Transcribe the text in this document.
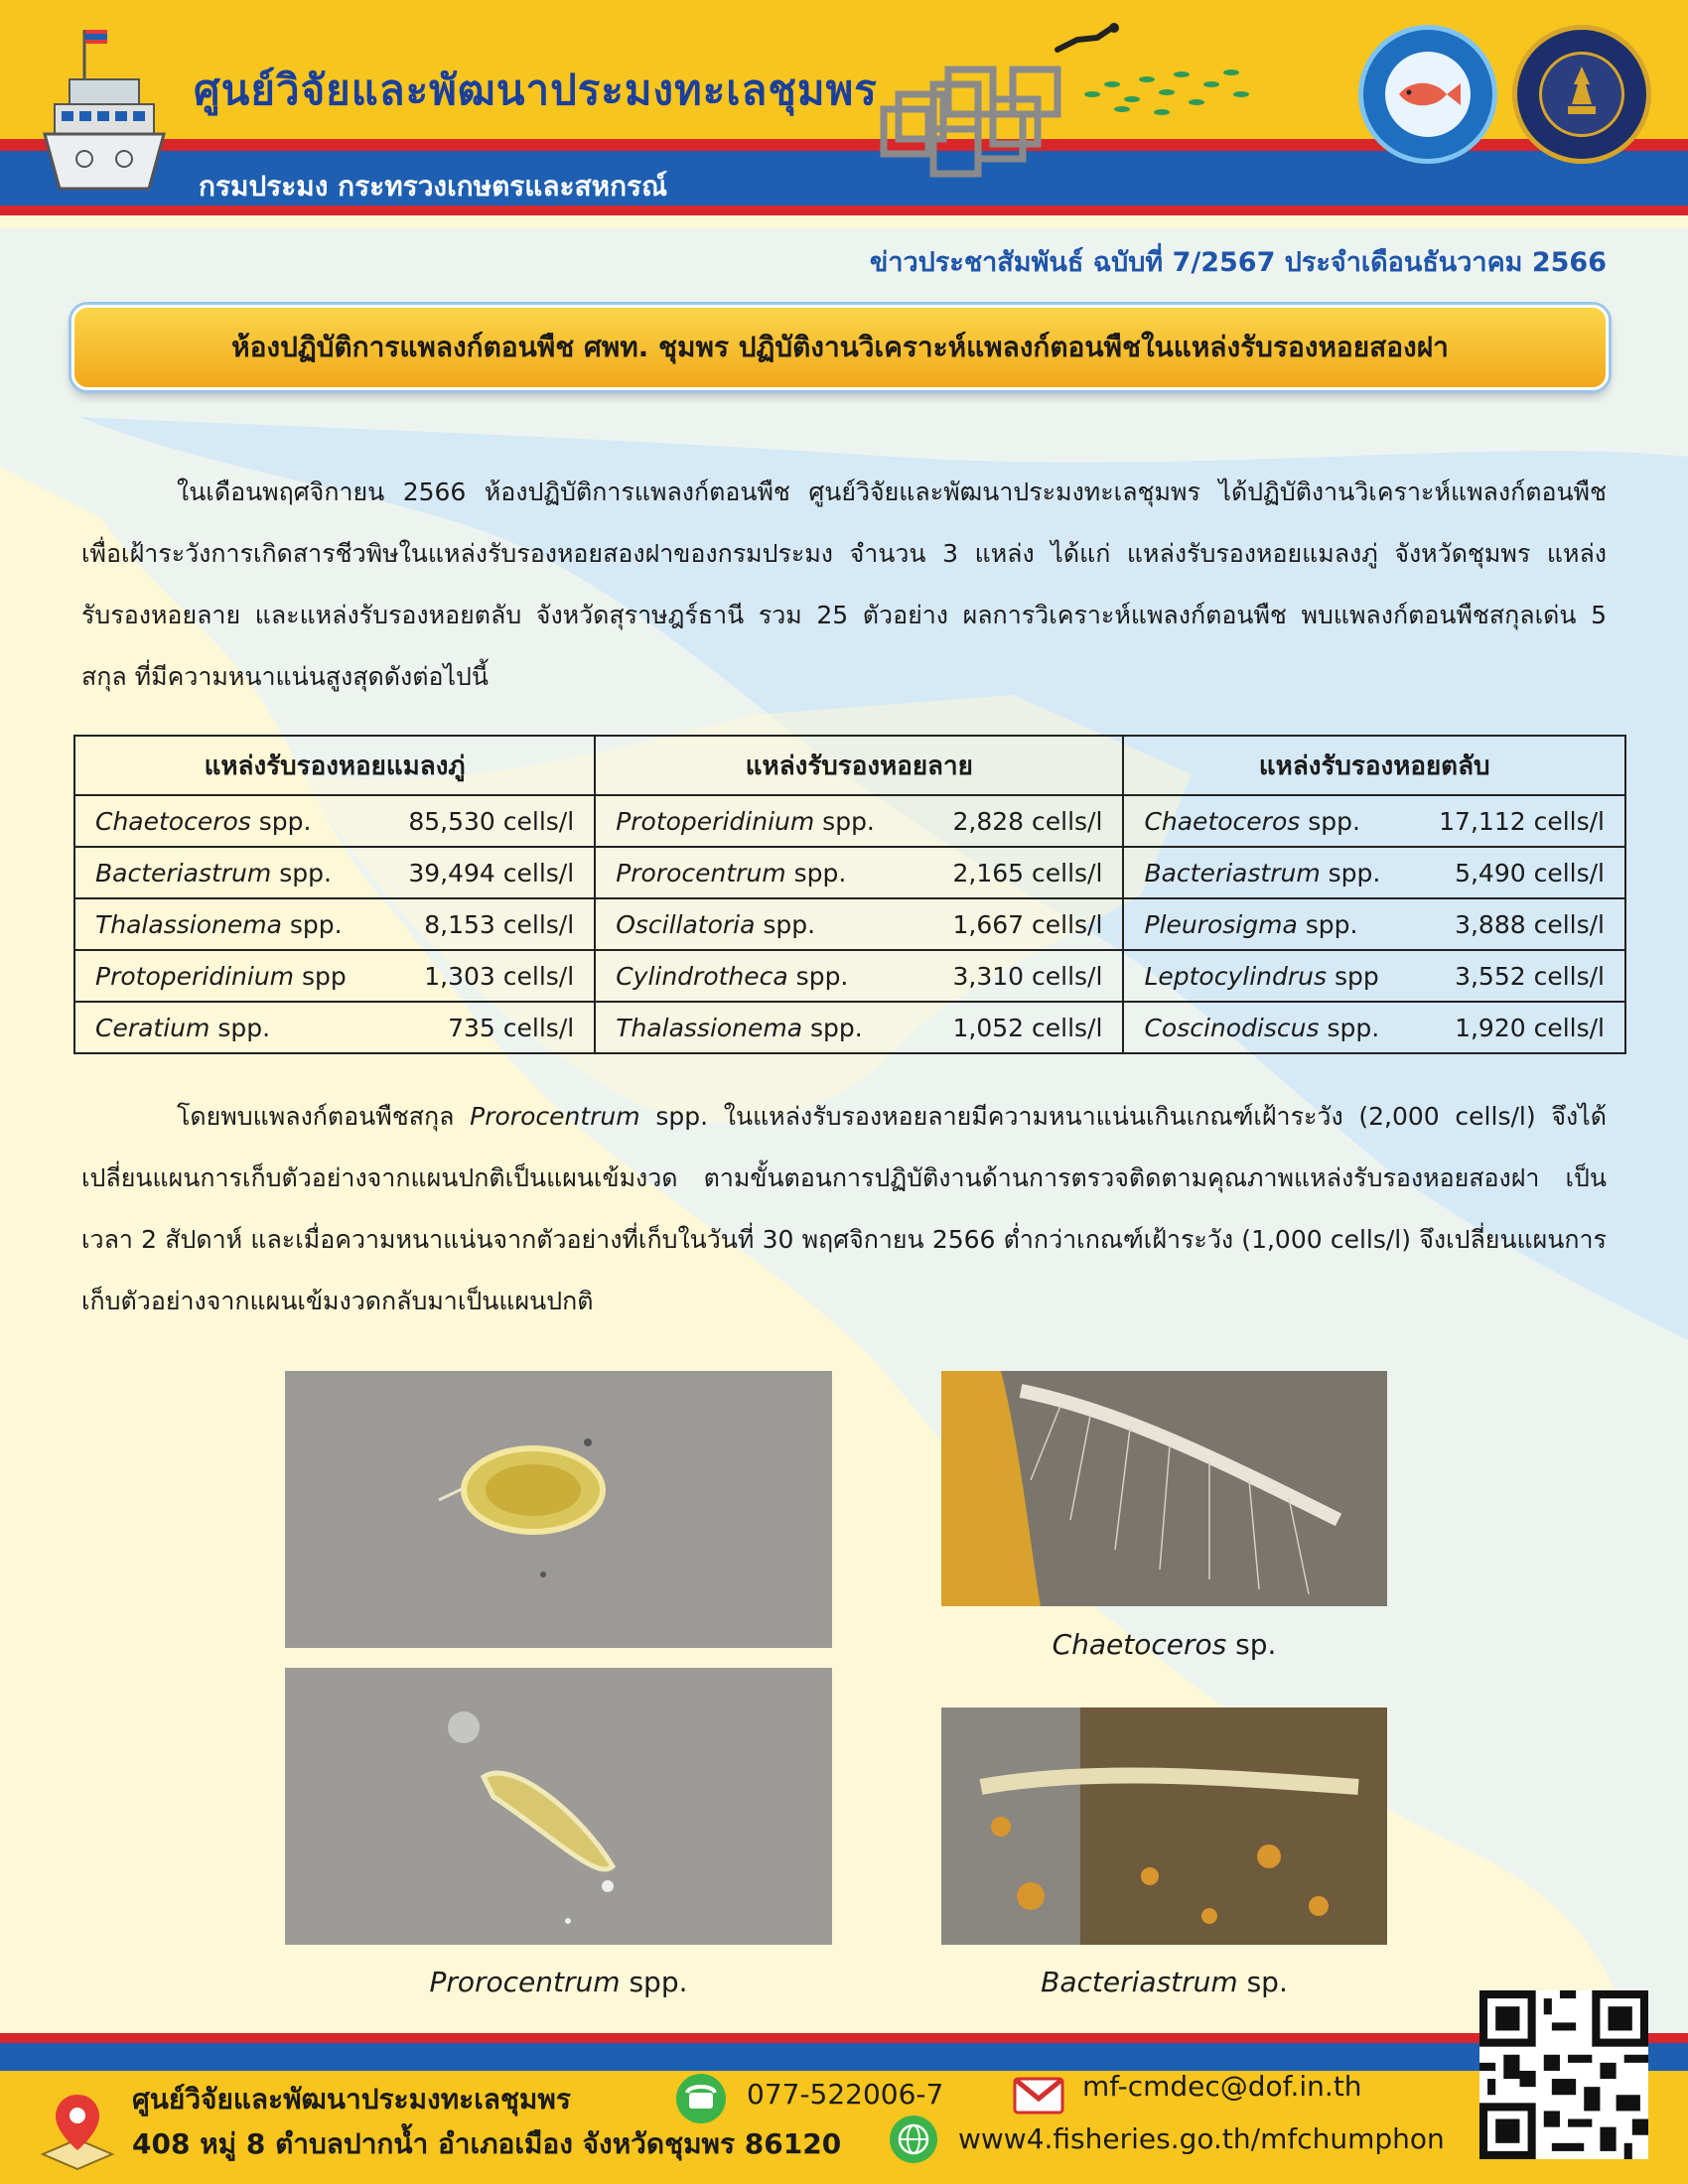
ศูนย์วิจัยและพัฒนาประมงทะเลชุมพร
กรมประมง กระทรวงเกษตรและสหกรณ์
ข่าวประชาสัมพันธ์ ฉบับที่ 7/2567 ประจำเดือนธันวาคม 2566
ห้องปฏิบัติการแพลงก์ตอนพืช ศพท. ชุมพร ปฏิบัติงานวิเคราะห์แพลงก์ตอนพืชในแหล่งรับรองหอยสองฝา
ในเดือนพฤศจิกายน 2566 ห้องปฏิบัติการแพลงก์ตอนพืช ศูนย์วิจัยและพัฒนาประมงทะเลชุมพร ได้ปฏิบัติงานวิเคราะห์แพลงก์ตอนพืช เพื่อเฝ้าระวังการเกิดสารชีวพิษในแหล่งรับรองหอยสองฝาของกรมประมง จำนวน 3 แหล่ง ได้แก่ แหล่งรับรองหอยแมลงภู่ จังหวัดชุมพร แหล่งรับรองหอยลาย และแหล่งรับรองหอยตลับ จังหวัดสุราษฎร์ธานี รวม 25 ตัวอย่าง ผลการวิเคราะห์แพลงก์ตอนพืช พบแพลงก์ตอนพืชสกุลเด่น 5 สกุล ที่มีความหนาแน่นสูงสุดดังต่อไปนี้
แหล่งรับรองหอยแมลงภู่	แหล่งรับรองหอยลาย	แหล่งรับรองหอยตลับ

Chaetoceros spp. 85,530 cells/l	Protoperidinium spp. 2,828 cells/l	Chaetoceros spp. 17,112 cells/l

Bacteriastrum spp. 39,494 cells/l	Prorocentrum spp. 2,165 cells/l	Bacteriastrum spp. 5,490 cells/l

Thalassionema spp. 8,153 cells/l	Oscillatoria spp. 1,667 cells/l	Pleurosigma spp. 3,888 cells/l

Protoperidinium spp 1,303 cells/l	Cylindrotheca spp. 3,310 cells/l	Leptocylindrus spp 3,552 cells/l

Ceratium spp. 735 cells/l	Thalassionema spp. 1,052 cells/l	Coscinodiscus spp. 1,920 cells/l
โดยพบแพลงก์ตอนพืชสกุล Prorocentrum spp. ในแหล่งรับรองหอยลายมีความหนาแน่นเกินเกณฑ์เฝ้าระวัง (2,000 cells/l) จึงได้เปลี่ยนแผนการเก็บตัวอย่างจากแผนปกติเป็นแผนเข้มงวด ตามขั้นตอนการปฏิบัติงานด้านการตรวจติดตามคุณภาพแหล่งรับรองหอยสองฝา เป็นเวลา 2 สัปดาห์ และเมื่อความหนาแน่นจากตัวอย่างที่เก็บในวันที่ 30 พฤศจิกายน 2566 ต่ำกว่าเกณฑ์เฝ้าระวัง (1,000 cells/l) จึงเปลี่ยนแผนการเก็บตัวอย่างจากแผนเข้มงวดกลับมาเป็นแผนปกติ
Chaetoceros sp.
Prorocentrum spp.	Bacteriastrum sp.
ศูนย์วิจัยและพัฒนาประมงทะเลชุมพร
408 หมู่ 8 ตำบลปากน้ำ อำเภอเมือง จังหวัดชุมพร 86120
077-522006-7	mf-cmdec@dof.in.th
www4.fisheries.go.th/mfchumphon
